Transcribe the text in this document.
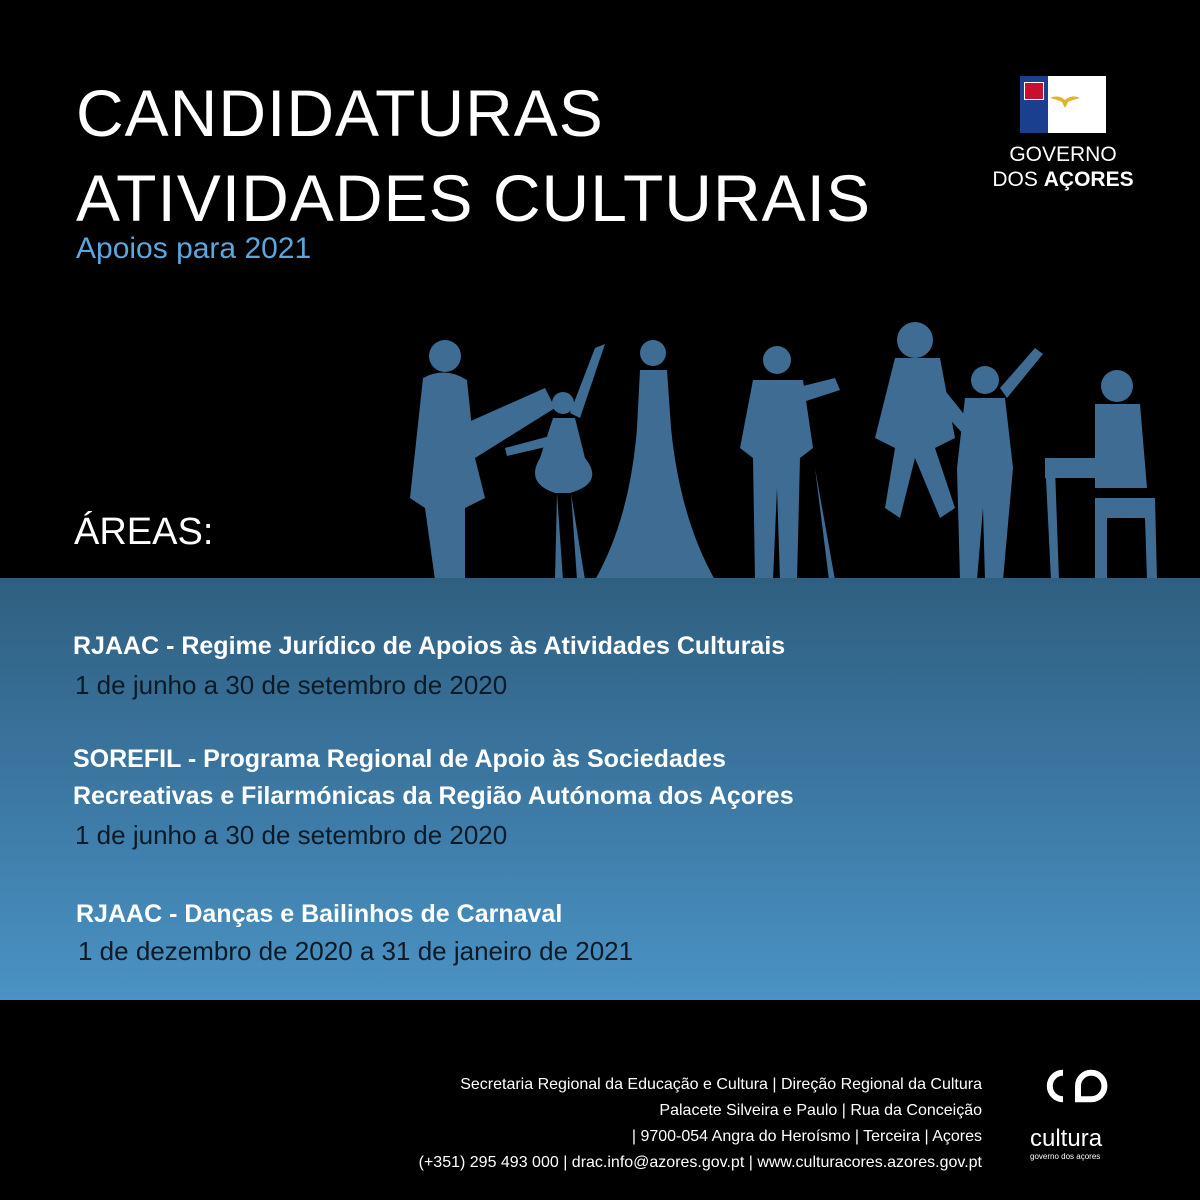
CANDIDATURAS
ATIVIDADES CULTURAIS
Apoios para 2021
GOVERNO
DOS AÇORES
ÁREAS:
RJAAC - Regime Jurídico de Apoios às Atividades Culturais
1 de junho a 30 de setembro de 2020
SOREFIL - Programa Regional de Apoio às Sociedades
Recreativas e Filarmónicas da Região Autónoma dos Açores
1 de junho a 30 de setembro de 2020
RJAAC - Danças e Bailinhos de Carnaval
1 de dezembro de 2020 a 31 de janeiro de 2021
Secretaria Regional da Educação e Cultura | Direção Regional da Cultura
Palacete Silveira e Paulo | Rua da Conceição
| 9700-054 Angra do Heroísmo | Terceira | Açores
(+351) 295 493 000 | drac.info@azores.gov.pt | www.culturacores.azores.gov.pt
cultura
governo dos açores
